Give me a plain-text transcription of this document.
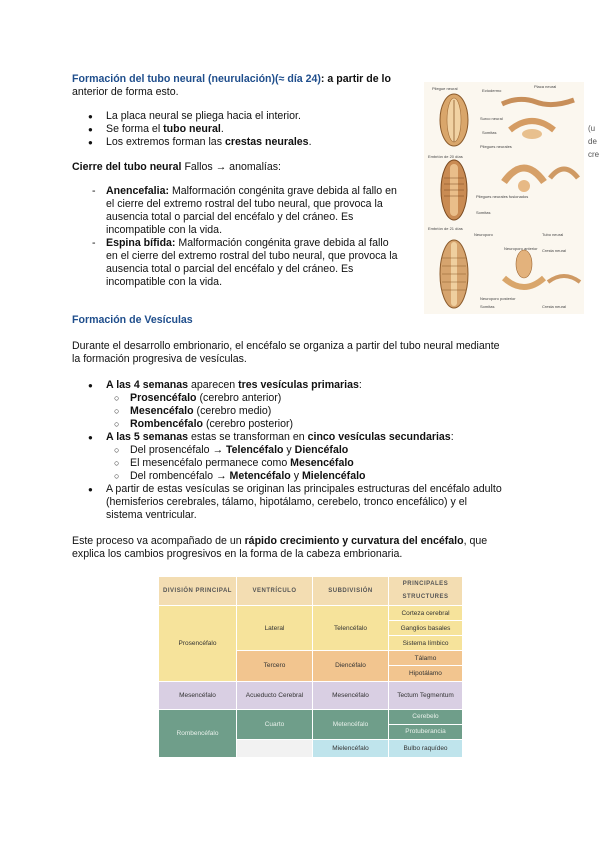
Formación del tubo neural (neurulación)(≈ día 24): a partir de lo
anterior de forma esto.
● La placa neural se pliega hacia el interior.
● Se forma el tubo neural.
● Los extremos forman las crestas neurales.
Cierre del tubo neural Fallos → anomalías:
- Anencefalia: Malformación congénita grave debida al fallo en
el cierre del extremo rostral del tubo neural, que provoca la
ausencia total o parcial del encéfalo y del cráneo. Es
incompatible con la vida.
- Espina bífida: Malformación congénita grave debida al fallo
en el cierre del extremo rostral del tubo neural, que provoca la
ausencia total o parcial del encéfalo y del cráneo. Es
incompatible con la vida.
Pliegue neural	Ectodermo
Placa neural
Surco neural
Somitas
Pliegues neurales
Embrión de 20 días
Pliegues neurales fusionados
Somitas
Embrión de 21 días
Neuroporo	Tubo neural
Cresta neural
Neuroporo anterior
Neuroporo posterior
Somitas	Cresta neural
(u
de
cre
Formación de Vesículas
Durante el desarrollo embrionario, el encéfalo se organiza a partir del tubo neural mediante
la formación progresiva de vesículas.
● A las 4 semanas aparecen tres vesículas primarias:
○ Prosencéfalo (cerebro anterior)
○ Mesencéfalo (cerebro medio)
○ Rombencéfalo (cerebro posterior)
● A las 5 semanas estas se transforman en cinco vesículas secundarias:
○ Del prosencéfalo → Telencéfalo y Diencéfalo
○ El mesencéfalo permanece como Mesencéfalo
○ Del rombencéfalo → Metencéfalo y Mielencéfalo
● A partir de estas vesículas se originan las principales estructuras del encéfalo adulto
(hemisferios cerebrales, tálamo, hipotálamo, cerebelo, tronco encefálico) y el
sistema ventricular.
Este proceso va acompañado de un rápido crecimiento y curvatura del encéfalo, que
explica los cambios progresivos en la forma de la cabeza embrionaria.
DIVISIÓN PRINCIPAL	VENTRÍCULO	SUBDIVISIÓN	PRINCIPALES STRUCTURES
Prosencéfalo	Lateral	Telencéfalo	Corteza cerebral
			Ganglios basales
			Sistema límbico
	Tercero	Diencéfalo	Tálamo
			Hipotálamo
Mesencéfalo	Acueducto Cerebral	Mesencéfalo	Tectum Tegmentum
Rombencéfalo	Cuarto	Metencéfalo	Cerebelo
			Protuberancia
		Mielencéfalo	Bulbo raquídeo
